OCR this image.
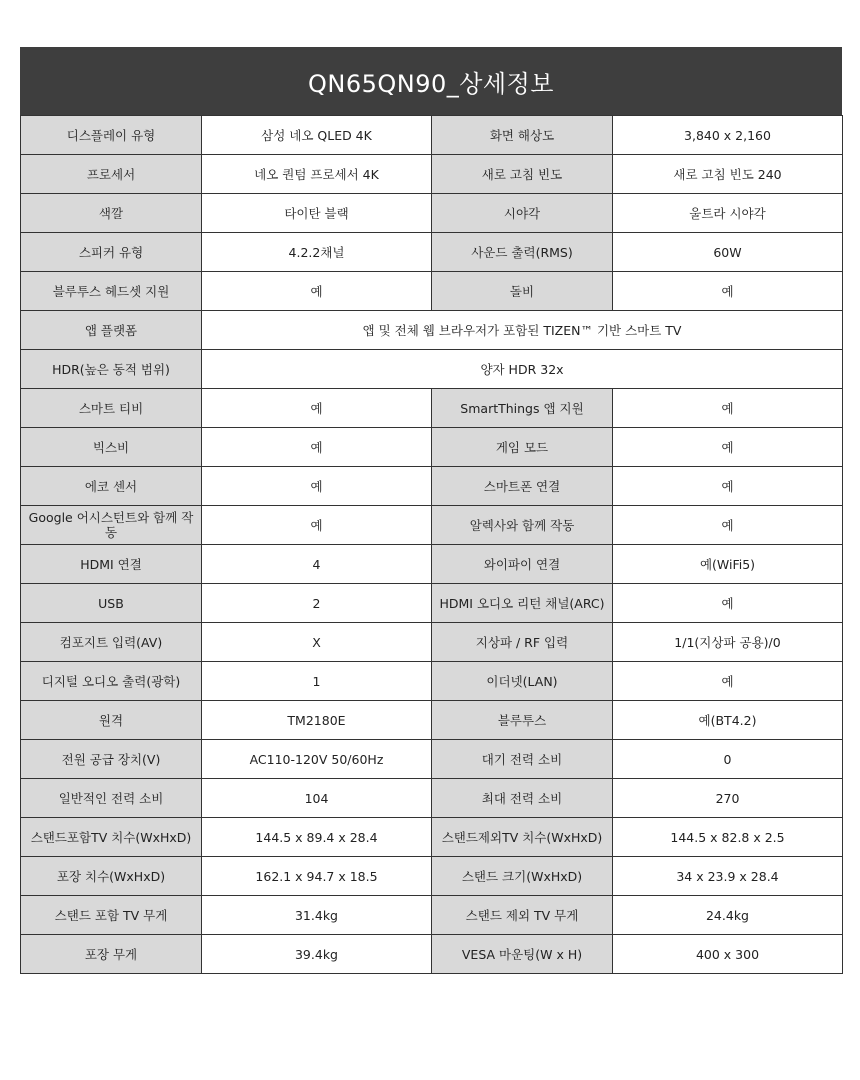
QN65QN90_상세정보
디스플레이 유형	삼성 네오 QLED 4K	화면 해상도	3,840 x 2,160
프로세서	네오 퀀텀 프로세서 4K	새로 고침 빈도	새로 고침 빈도 240
색깔	타이탄 블랙	시야각	울트라 시야각
스피커 유형	4.2.2채널	사운드 출력(RMS)	60W
블루투스 헤드셋 지원	예	돌비	예
앱 플랫폼	앱 및 전체 웹 브라우저가 포함된 TIZEN™ 기반 스마트 TV		
HDR(높은 동적 범위)	양자 HDR 32x		
스마트 티비	예	SmartThings 앱 지원	예
빅스비	예	게임 모드	예
에코 센서	예	스마트폰 연결	예
Google 어시스턴트와 함께 작동	예	알렉사와 함께 작동	예
HDMI 연결	4	와이파이 연결	예(WiFi5)
USB	2	HDMI 오디오 리턴 채널(ARC)	예
컴포지트 입력(AV)	X	지상파 / RF 입력	1/1(지상파 공용)/0
디지털 오디오 출력(광학)	1	이더넷(LAN)	예
원격	TM2180E	블루투스	예(BT4.2)
전원 공급 장치(V)	AC110-120V 50/60Hz	대기 전력 소비	0
일반적인 전력 소비	104	최대 전력 소비	270
스탠드포함TV 치수(WxHxD)	144.5 x 89.4 x 28.4	스탠드제외TV 치수(WxHxD)	144.5 x 82.8 x 2.5
포장 치수(WxHxD)	162.1 x 94.7 x 18.5	스탠드 크기(WxHxD)	34 x 23.9 x 28.4
스탠드 포함 TV 무게	31.4kg	스탠드 제외 TV 무게	24.4kg
포장 무게	39.4kg	VESA 마운팅(W x H)	400 x 300
